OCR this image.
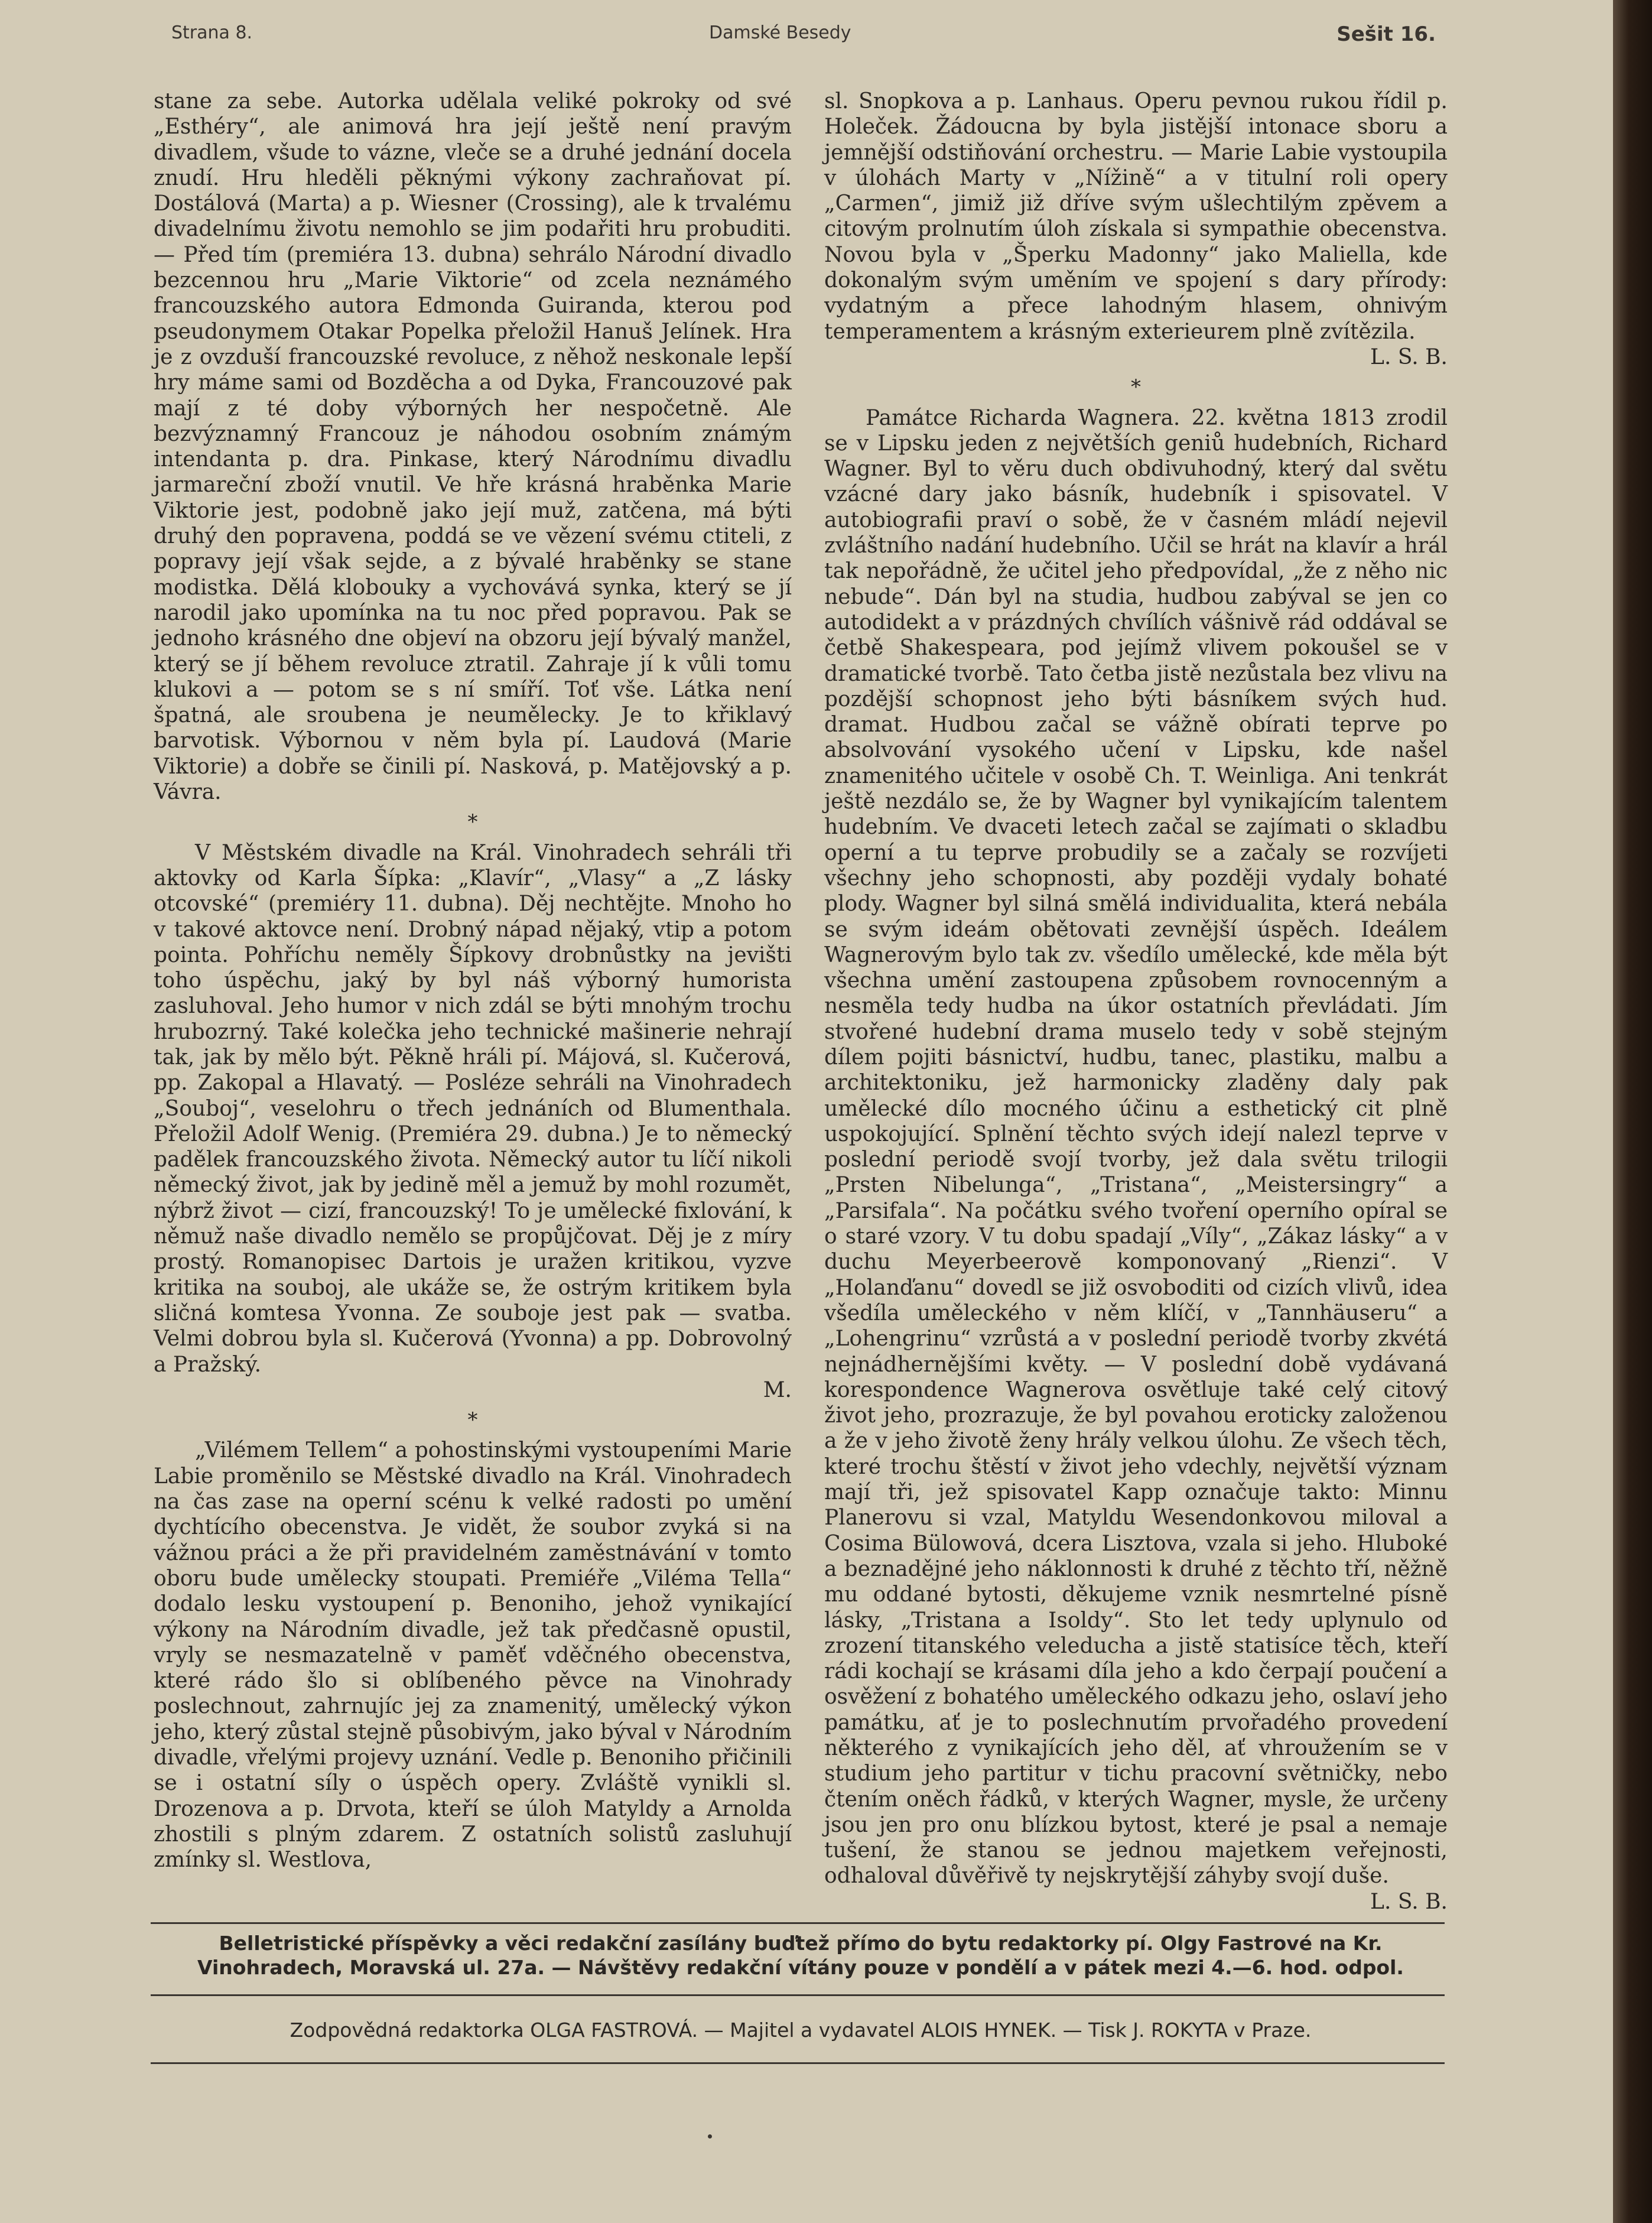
Strana 8.	Damské Besedy	Sešit 16.

stane za sebe. Autorka udělala veliké pokroky od své „Esthéry“, ale animová hra její ještě není pravým divadlem, všude to vázne, vleče se a druhé jednání docela znudí. Hru hleděli pěknými výkony zachraňovat pí. Dostálová (Marta) a p. Wiesner (Crossing), ale k trvalému divadelnímu životu nemohlo se jim podařiti hru probuditi. — Před tím (premiéra 13. dubna) sehrálo Národní divadlo bezcennou hru „Marie Viktorie“ od zcela neznámého francouzského autora Edmonda Guiranda, kterou pod pseudonymem Otakar Popelka přeložil Hanuš Jelínek. Hra je z ovzduší francouzské revoluce, z něhož neskonale lepší hry máme sami od Bozděcha a od Dyka, Francouzové pak mají z té doby výborných her nespočetně. Ale bezvýznamný Francouz je náhodou osobním známým intendanta p. dra. Pinkase, který Národnímu divadlu jarmareční zboží vnutil. Ve hře krásná hraběnka Marie Viktorie jest, podobně jako její muž, zatčena, má býti druhý den popravena, poddá se ve vězení svému ctiteli, z popravy její však sejde, a z bývalé hraběnky se stane modistka. Dělá klobouky a vychovává synka, který se jí narodil jako upomínka na tu noc před popravou. Pak se jednoho krásného dne objeví na obzoru její bývalý manžel, který se jí během revoluce ztratil. Zahraje jí k vůli tomu klukovi a — potom se s ní smíří. Toť vše. Látka není špatná, ale sroubena je neumělecky. Je to křiklavý barvotisk. Výbornou v něm byla pí. Laudová (Marie Viktorie) a dobře se činili pí. Nasková, p. Matějovský a p. Vávra.

*

V Městském divadle na Král. Vinohradech sehráli tři aktovky od Karla Šípka: „Klavír“, „Vlasy“ a „Z lásky otcovské“ (premiéry 11. dubna). Děj nechtějte. Mnoho ho v takové aktovce není. Drobný nápad nějaký, vtip a potom pointa. Pohříchu neměly Šípkovy drobnůstky na jevišti toho úspěchu, jaký by byl náš výborný humorista zasluhoval. Jeho humor v nich zdál se býti mnohým trochu hrubozrný. Také kolečka jeho technické mašinerie nehrají tak, jak by mělo být. Pěkně hráli pí. Májová, sl. Kučerová, pp. Zakopal a Hlavatý. — Posléze sehráli na Vinohradech „Souboj“, veselohru o třech jednáních od Blumenthala. Přeložil Adolf Wenig. (Premiéra 29. dubna.) Je to německý padělek francouzského života. Německý autor tu líčí nikoli německý život, jak by jedině měl a jemuž by mohl rozumět, nýbrž život — cizí, francouzský! To je umělecké fixlování, k němuž naše divadlo nemělo se propůjčovat. Děj je z míry prostý. Romanopisec Dartois je uražen kritikou, vyzve kritika na souboj, ale ukáže se, že ostrým kritikem byla sličná komtesa Yvonna. Ze souboje jest pak — svatba. Velmi dobrou byla sl. Kučerová (Yvonna) a pp. Dobrovolný a Pražský.

M.
*

„Vilémem Tellem“ a pohostinskými vystoupeními Marie Labie proměnilo se Městské divadlo na Král. Vinohradech na čas zase na operní scénu k velké radosti po umění dychtícího obecenstva. Je vidět, že soubor zvyká si na vážnou práci a že při pravidelném zaměstnávání v tomto oboru bude umělecky stoupati. Premiéře „Viléma Tella“ dodalo lesku vystoupení p. Benoniho, jehož vynikající výkony na Národním divadle, jež tak předčasně opustil, vryly se nesmazatelně v paměť vděčného obecenstva, které rádo šlo si oblíbeného pěvce na Vinohrady poslechnout, zahrnujíc jej za znamenitý, umělecký výkon jeho, který zůstal stejně působivým, jako býval v Národním divadle, vřelými projevy uznání. Vedle p. Benoniho přičinili se i ostatní síly o úspěch opery. Zvláště vynikli sl. Drozenova a p. Drvota, kteří se úloh Matyldy a Arnolda zhostili s plným zdarem. Z ostatních solistů zasluhují zmínky sl. Westlova,

sl. Snopkova a p. Lanhaus. Operu pevnou rukou řídil p. Holeček. Žádoucna by byla jistější intonace sboru a jemnější odstiňování orchestru. — Marie Labie vystoupila v úlohách Marty v „Nížině“ a v titulní roli opery „Carmen“, jimiž již dříve svým ušlechtilým zpěvem a citovým prolnutím úloh získala si sympathie obecenstva. Novou byla v „Šperku Madonny“ jako Maliella, kde dokonalým svým uměním ve spojení s dary přírody: vydatným a přece lahodným hlasem, ohnivým temperamentem a krásným exterieurem plně zvítězila.

L. S. B.
*

Památce Richarda Wagnera. 22. května 1813 zrodil se v Lipsku jeden z největších geniů hudebních, Richard Wagner. Byl to věru duch obdivuhodný, který dal světu vzácné dary jako básník, hudebník i spisovatel. V autobiografii praví o sobě, že v časném mládí nejevil zvláštního nadání hudebního. Učil se hrát na klavír a hrál tak nepořádně, že učitel jeho předpovídal, „že z něho nic nebude“. Dán byl na studia, hudbou zabýval se jen co autodidekt a v prázdných chvílích vášnivě rád oddával se četbě Shakespeara, pod jejímž vlivem pokoušel se v dramatické tvorbě. Tato četba jistě nezůstala bez vlivu na pozdější schopnost jeho býti básníkem svých hud. dramat. Hudbou začal se vážně obírati teprve po absolvování vysokého učení v Lipsku, kde našel znamenitého učitele v osobě Ch. T. Weinliga. Ani tenkrát ještě nezdálo se, že by Wagner byl vynikajícím talentem hudebním. Ve dvaceti letech začal se zajímati o skladbu operní a tu teprve probudily se a začaly se rozvíjeti všechny jeho schopnosti, aby později vydaly bohaté plody. Wagner byl silná smělá individualita, která nebála se svým ideám obětovati zevnější úspěch. Ideálem Wagnerovým bylo tak zv. všedílo umělecké, kde měla být všechna umění zastoupena způsobem rovnocenným a nesměla tedy hudba na úkor ostatních převládati. Jím stvořené hudební drama muselo tedy v sobě stejným dílem pojiti básnictví, hudbu, tanec, plastiku, malbu a architektoniku, jež harmonicky zladěny daly pak umělecké dílo mocného účinu a esthetický cit plně uspokojující. Splnění těchto svých idejí nalezl teprve v poslední periodě svojí tvorby, jež dala světu trilogii „Prsten Nibelunga“, „Tristana“, „Meistersingry“ a „Parsifala“. Na počátku svého tvoření operního opíral se o staré vzory. V tu dobu spadají „Víly“, „Zákaz lásky“ a v duchu Meyerbeerově komponovaný „Rienzi“. V „Holanďanu“ dovedl se již osvoboditi od cizích vlivů, idea všedíla uměleckého v něm klíčí, v „Tannhäuseru“ a „Lohengrinu“ vzrůstá a v poslední periodě tvorby zkvétá nejnádhernějšími květy. — V poslední době vydávaná korespondence Wagnerova osvětluje také celý citový život jeho, prozrazuje, že byl povahou eroticky založenou a že v jeho životě ženy hrály velkou úlohu. Ze všech těch, které trochu štěstí v život jeho vdechly, největší význam mají tři, jež spisovatel Kapp označuje takto: Minnu Planerovu si vzal, Matyldu Wesendonkovou miloval a Cosima Bülowová, dcera Lisztova, vzala si jeho. Hluboké a beznadějné jeho náklonnosti k druhé z těchto tří, něžně mu oddané bytosti, děkujeme vznik nesmrtelné písně lásky, „Tristana a Isoldy“. Sto let tedy uplynulo od zrození titanského veleducha a jistě statisíce těch, kteří rádi kochají se krásami díla jeho a kdo čerpají poučení a osvěžení z bohatého uměleckého odkazu jeho, oslaví jeho památku, ať je to poslechnutím prvořadého provedení některého z vynikajících jeho děl, ať vhroužením se v studium jeho partitur v tichu pracovní světničky, nebo čtením oněch řádků, v kterých Wagner, mysle, že určeny jsou jen pro onu blízkou bytost, které je psal a nemaje tušení, že stanou se jednou majetkem veřejnosti, odhaloval důvěřivě ty nejskrytější záhyby svojí duše.

L. S. B.
Belletristické příspěvky a věci redakční zasílány buďtež přímo do bytu redaktorky pí. Olgy Fastrové na Kr. Vinohradech, Moravská ul. 27a. — Návštěvy redakční vítány pouze v pondělí a v pátek mezi 4.—6. hod. odpol.
Zodpovědná redaktorka OLGA FASTROVÁ. — Majitel a vydavatel ALOIS HYNEK. — Tisk J. ROKYTA v Praze.
